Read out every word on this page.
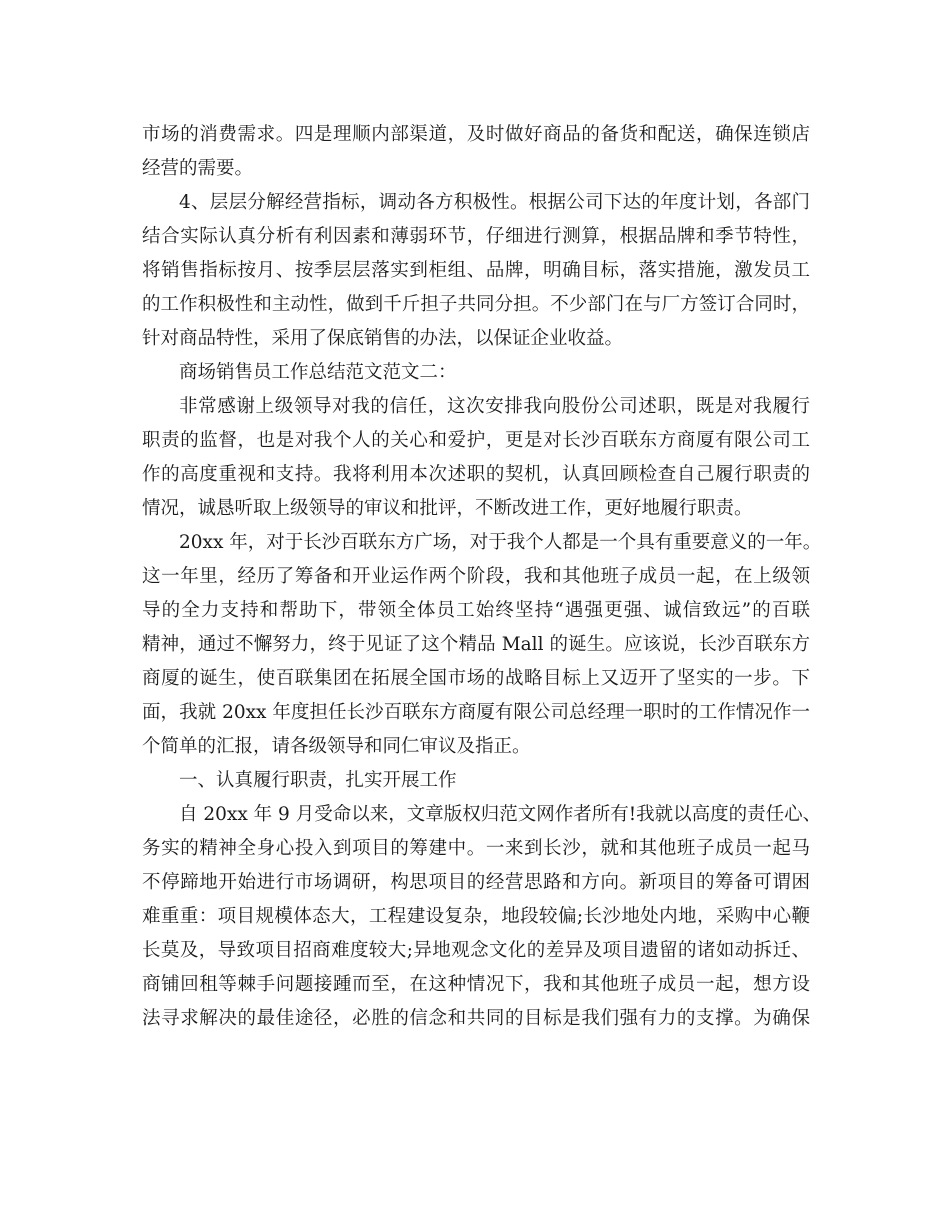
市场的消费需求。四是理顺内部渠道，及时做好商品的备货和配送，确保连锁店
经营的需要。
4、层层分解经营指标，调动各方积极性。根据公司下达的年度计划，各部门
结合实际认真分析有利因素和薄弱环节，仔细进行测算，根据品牌和季节特性，
将销售指标按月、按季层层落实到柜组、品牌，明确目标，落实措施，激发员工
的工作积极性和主动性，做到千斤担子共同分担。不少部门在与厂方签订合同时，
针对商品特性，采用了保底销售的办法，以保证企业收益。
商场销售员工作总结范文范文二：
非常感谢上级领导对我的信任，这次安排我向股份公司述职，既是对我履行
职责的监督，也是对我个人的关心和爱护，更是对长沙百联东方商厦有限公司工
作的高度重视和支持。我将利用本次述职的契机，认真回顾检查自己履行职责的
情况，诚恳听取上级领导的审议和批评，不断改进工作，更好地履行职责。
20xx 年，对于长沙百联东方广场，对于我个人都是一个具有重要意义的一年。
这一年里，经历了筹备和开业运作两个阶段，我和其他班子成员一起，在上级领
导的全力支持和帮助下，带领全体员工始终坚持“遇强更强、诚信致远”的百联
精神，通过不懈努力，终于见证了这个精品 Mall 的诞生。应该说，长沙百联东方
商厦的诞生，使百联集团在拓展全国市场的战略目标上又迈开了坚实的一步。下
面，我就 20xx 年度担任长沙百联东方商厦有限公司总经理一职时的工作情况作一
个简单的汇报，请各级领导和同仁审议及指正。
一、认真履行职责，扎实开展工作
自 20xx 年 9 月受命以来，文章版权归范文网作者所有!我就以高度的责任心、
务实的精神全身心投入到项目的筹建中。一来到长沙，就和其他班子成员一起马
不停蹄地开始进行市场调研，构思项目的经营思路和方向。新项目的筹备可谓困
难重重：项目规模体态大，工程建设复杂，地段较偏;长沙地处内地，采购中心鞭
长莫及，导致项目招商难度较大;异地观念文化的差异及项目遗留的诸如动拆迁、
商铺回租等棘手问题接踵而至，在这种情况下，我和其他班子成员一起，想方设
法寻求解决的最佳途径，必胜的信念和共同的目标是我们强有力的支撑。为确保
